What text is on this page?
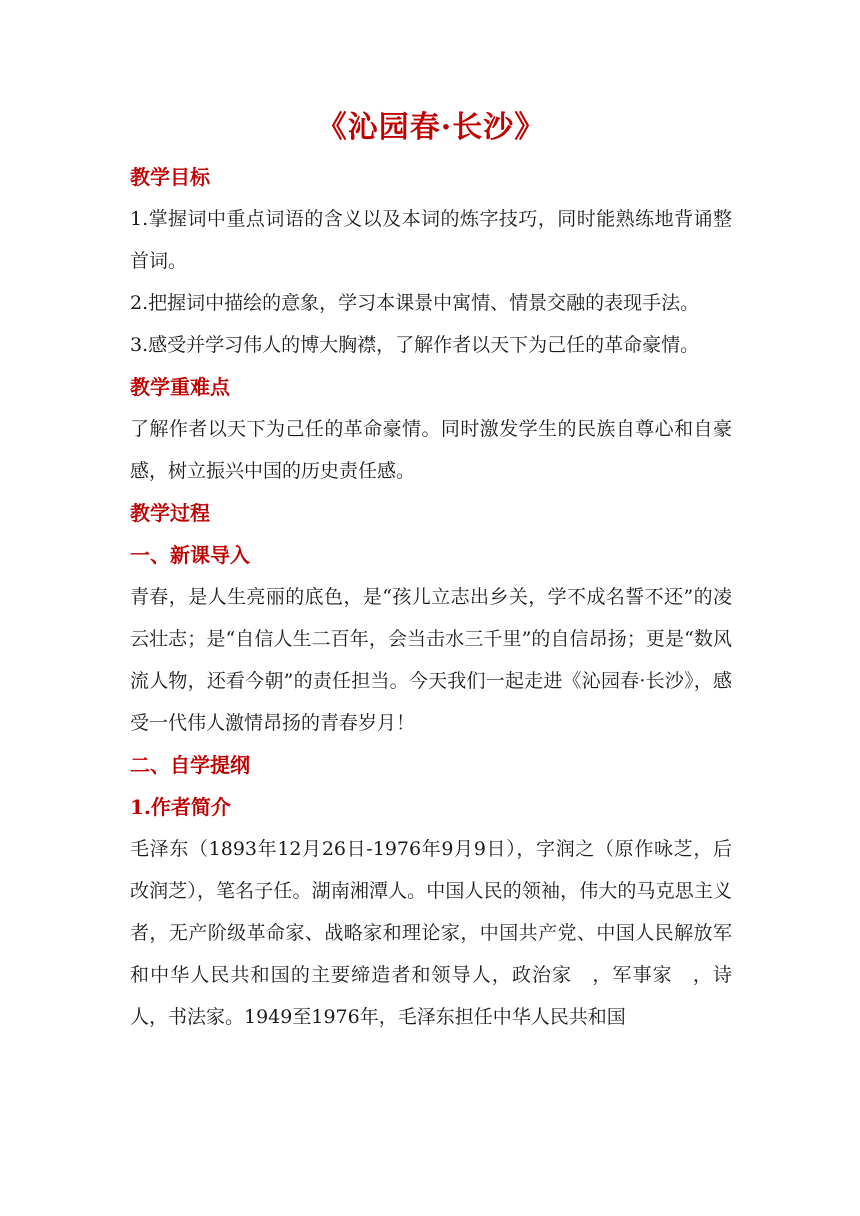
《沁园春·长沙》
教学目标

1.掌握词中重点词语的含义以及本词的炼字技巧，同时能熟练地背诵整首词。

2.把握词中描绘的意象，学习本课景中寓情、情景交融的表现手法。

3.感受并学习伟人的博大胸襟，了解作者以天下为己任的革命豪情。

教学重难点

了解作者以天下为己任的革命豪情。同时激发学生的民族自尊心和自豪感，树立振兴中国的历史责任感。

教学过程
一、新课导入

青春，是人生亮丽的底色，是“孩儿立志出乡关，学不成名誓不还”的凌云壮志；是“自信人生二百年，会当击水三千里”的自信昂扬；更是“数风流人物，还看今朝”的责任担当。今天我们一起走进《沁园春·长沙》，感受一代伟人激情昂扬的青春岁月！

二、自学提纲
1.作者简介

毛泽东（1893年12月26日-1976年9月9日），字润之（原作咏芝，后改润芝），笔名子任。湖南湘潭人。中国人民的领袖，伟大的马克思主义者，无产阶级革命家、战略家和理论家，中国共产党、中国人民解放军和中华人民共和国的主要缔造者和领导人，政治家　，军事家　，诗人，书法家。1949至1976年，毛泽东担任中华人民共和国
